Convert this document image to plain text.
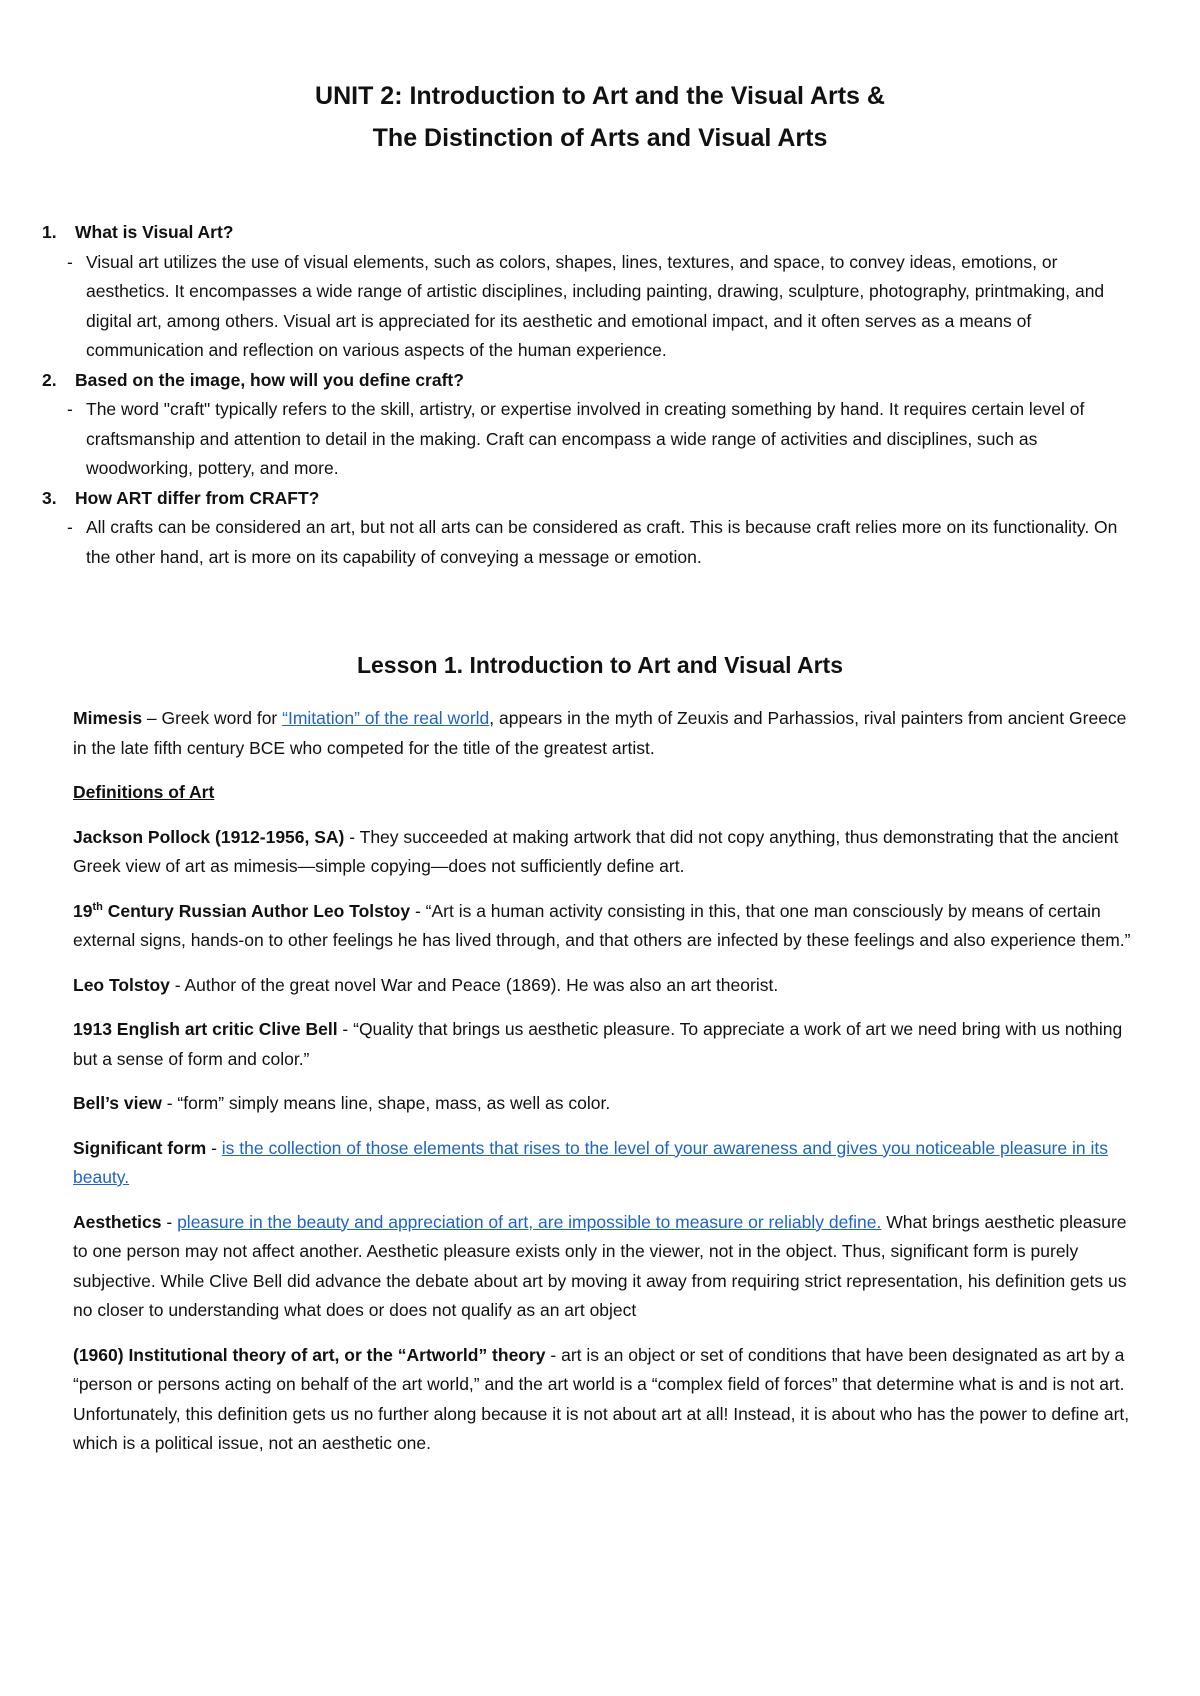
UNIT 2: Introduction to Art and the Visual Arts &
The Distinction of Arts and Visual Arts
1.	What is Visual Art?
- Visual art utilizes the use of visual elements, such as colors, shapes, lines, textures, and space, to convey ideas, emotions, or aesthetics. It encompasses a wide range of artistic disciplines, including painting, drawing, sculpture, photography, printmaking, and digital art, among others. Visual art is appreciated for its aesthetic and emotional impact, and it often serves as a means of communication and reflection on various aspects of the human experience.
2.	Based on the image, how will you define craft?
- The word "craft" typically refers to the skill, artistry, or expertise involved in creating something by hand. It requires certain level of craftsmanship and attention to detail in the making. Craft can encompass a wide range of activities and disciplines, such as woodworking, pottery, and more.
3.	How ART differ from CRAFT?
- All crafts can be considered an art, but not all arts can be considered as craft. This is because craft relies more on its functionality. On the other hand, art is more on its capability of conveying a message or emotion.
Lesson 1. Introduction to Art and Visual Arts

Mimesis – Greek word for “Imitation” of the real world, appears in the myth of Zeuxis and Parhassios, rival painters from ancient Greece in the late fifth century BCE who competed for the title of the greatest artist.

Definitions of Art

Jackson Pollock (1912-1956, SA) - They succeeded at making artwork that did not copy anything, thus demonstrating that the ancient Greek view of art as mimesis—simple copying—does not sufficiently define art.

19th Century Russian Author Leo Tolstoy - “Art is a human activity consisting in this, that one man consciously by means of certain external signs, hands-on to other feelings he has lived through, and that others are infected by these feelings and also experience them.”

Leo Tolstoy - Author of the great novel War and Peace (1869). He was also an art theorist.

1913 English art critic Clive Bell - “Quality that brings us aesthetic pleasure. To appreciate a work of art we need bring with us nothing but a sense of form and color.”

Bell’s view - “form” simply means line, shape, mass, as well as color.

Significant form - is the collection of those elements that rises to the level of your awareness and gives you noticeable pleasure in its beauty.

Aesthetics - pleasure in the beauty and appreciation of art, are impossible to measure or reliably define. What brings aesthetic pleasure to one person may not affect another. Aesthetic pleasure exists only in the viewer, not in the object. Thus, significant form is purely subjective. While Clive Bell did advance the debate about art by moving it away from requiring strict representation, his definition gets us no closer to understanding what does or does not qualify as an art object

(1960) Institutional theory of art, or the “Artworld” theory - art is an object or set of conditions that have been designated as art by a “person or persons acting on behalf of the art world,” and the art world is a “complex field of forces” that determine what is and is not art. Unfortunately, this definition gets us no further along because it is not about art at all! Instead, it is about who has the power to define art, which is a political issue, not an aesthetic one.
